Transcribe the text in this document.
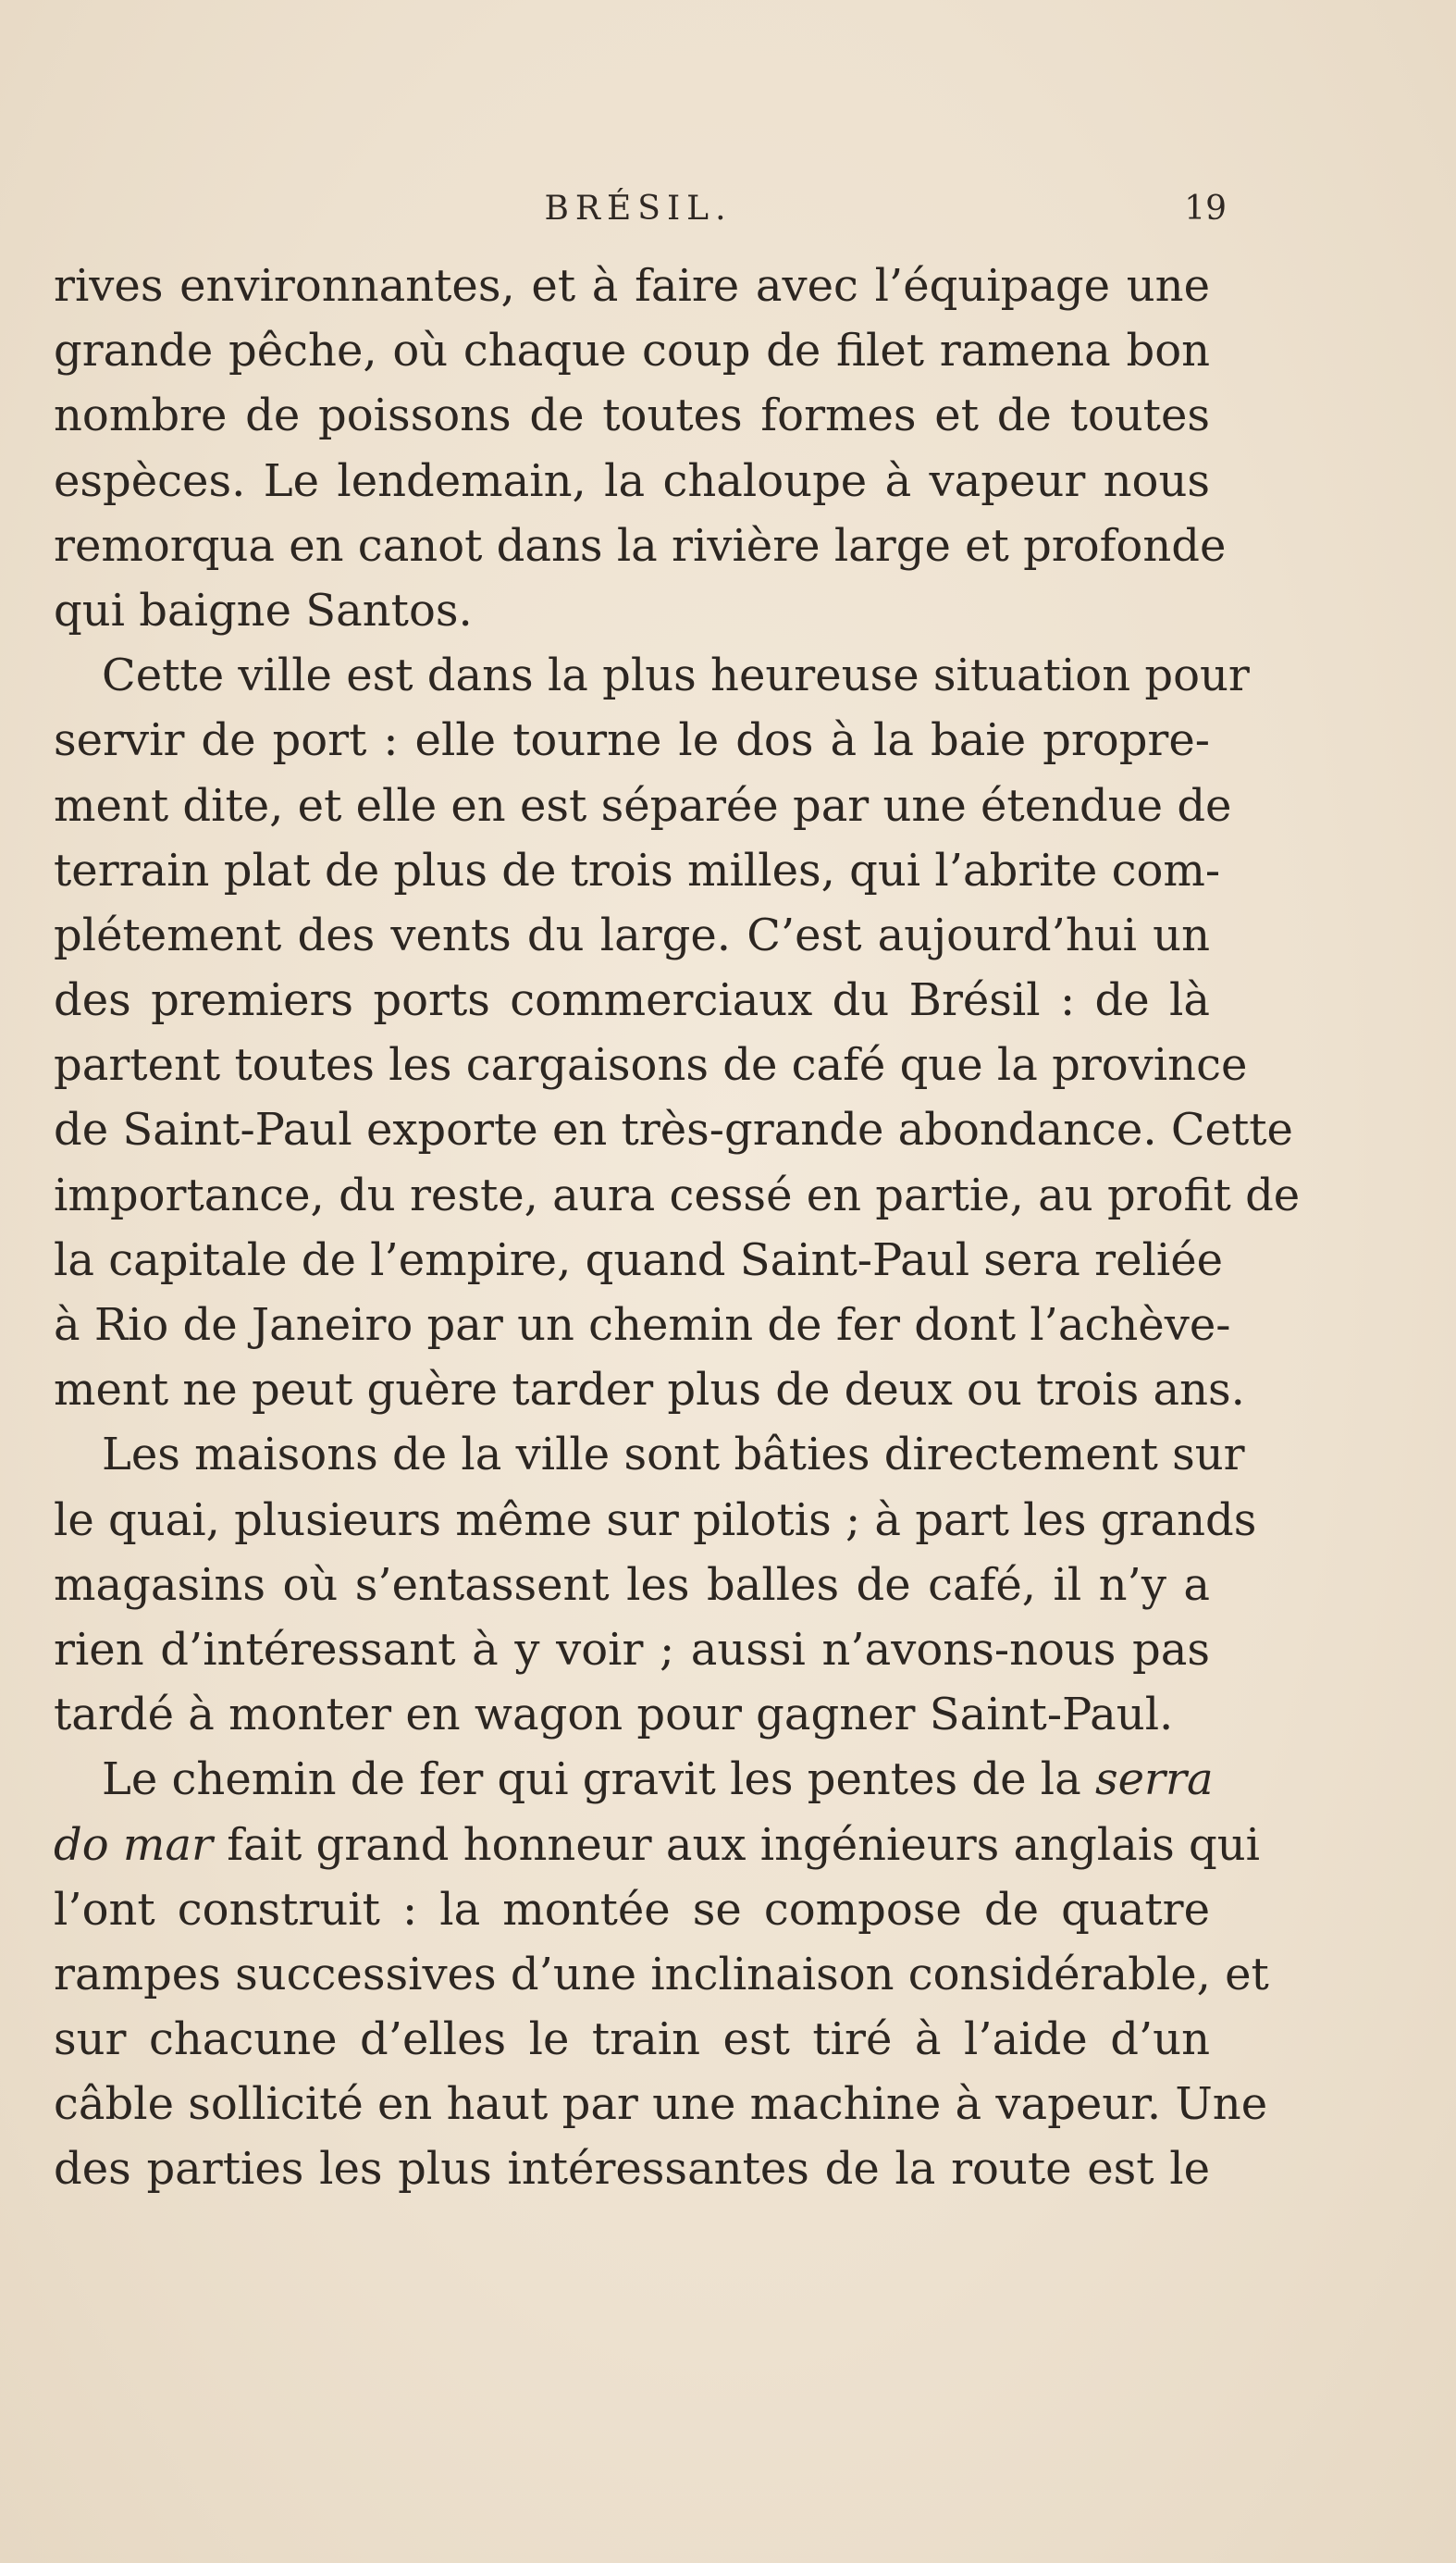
BRÉSIL.	19
rives environnantes, et à faire avec l’équipage une
grande pêche, où chaque coup de filet ramena bon
nombre de poissons de toutes formes et de toutes
espèces. Le lendemain, la chaloupe à vapeur nous
remorqua en canot dans la rivière large et profonde
qui baigne Santos.
Cette ville est dans la plus heureuse situation pour
servir de port : elle tourne le dos à la baie propre-
ment dite, et elle en est séparée par une étendue de
terrain plat de plus de trois milles, qui l’abrite com-
plétement des vents du large. C’est aujourd’hui un
des premiers ports commerciaux du Brésil : de là
partent toutes les cargaisons de café que la province
de Saint-Paul exporte en très-grande abondance. Cette
importance, du reste, aura cessé en partie, au profit de
la capitale de l’empire, quand Saint-Paul sera reliée
à Rio de Janeiro par un chemin de fer dont l’achève-
ment ne peut guère tarder plus de deux ou trois ans.
Les maisons de la ville sont bâties directement sur
le quai, plusieurs même sur pilotis ; à part les grands
magasins où s’entassent les balles de café, il n’y a
rien d’intéressant à y voir ; aussi n’avons-nous pas
tardé à monter en wagon pour gagner Saint-Paul.
Le chemin de fer qui gravit les pentes de la serra
do mar fait grand honneur aux ingénieurs anglais qui
l’ont construit : la montée se compose de quatre
rampes successives d’une inclinaison considérable, et
sur chacune d’elles le train est tiré à l’aide d’un
câble sollicité en haut par une machine à vapeur. Une
des parties les plus intéressantes de la route est le
